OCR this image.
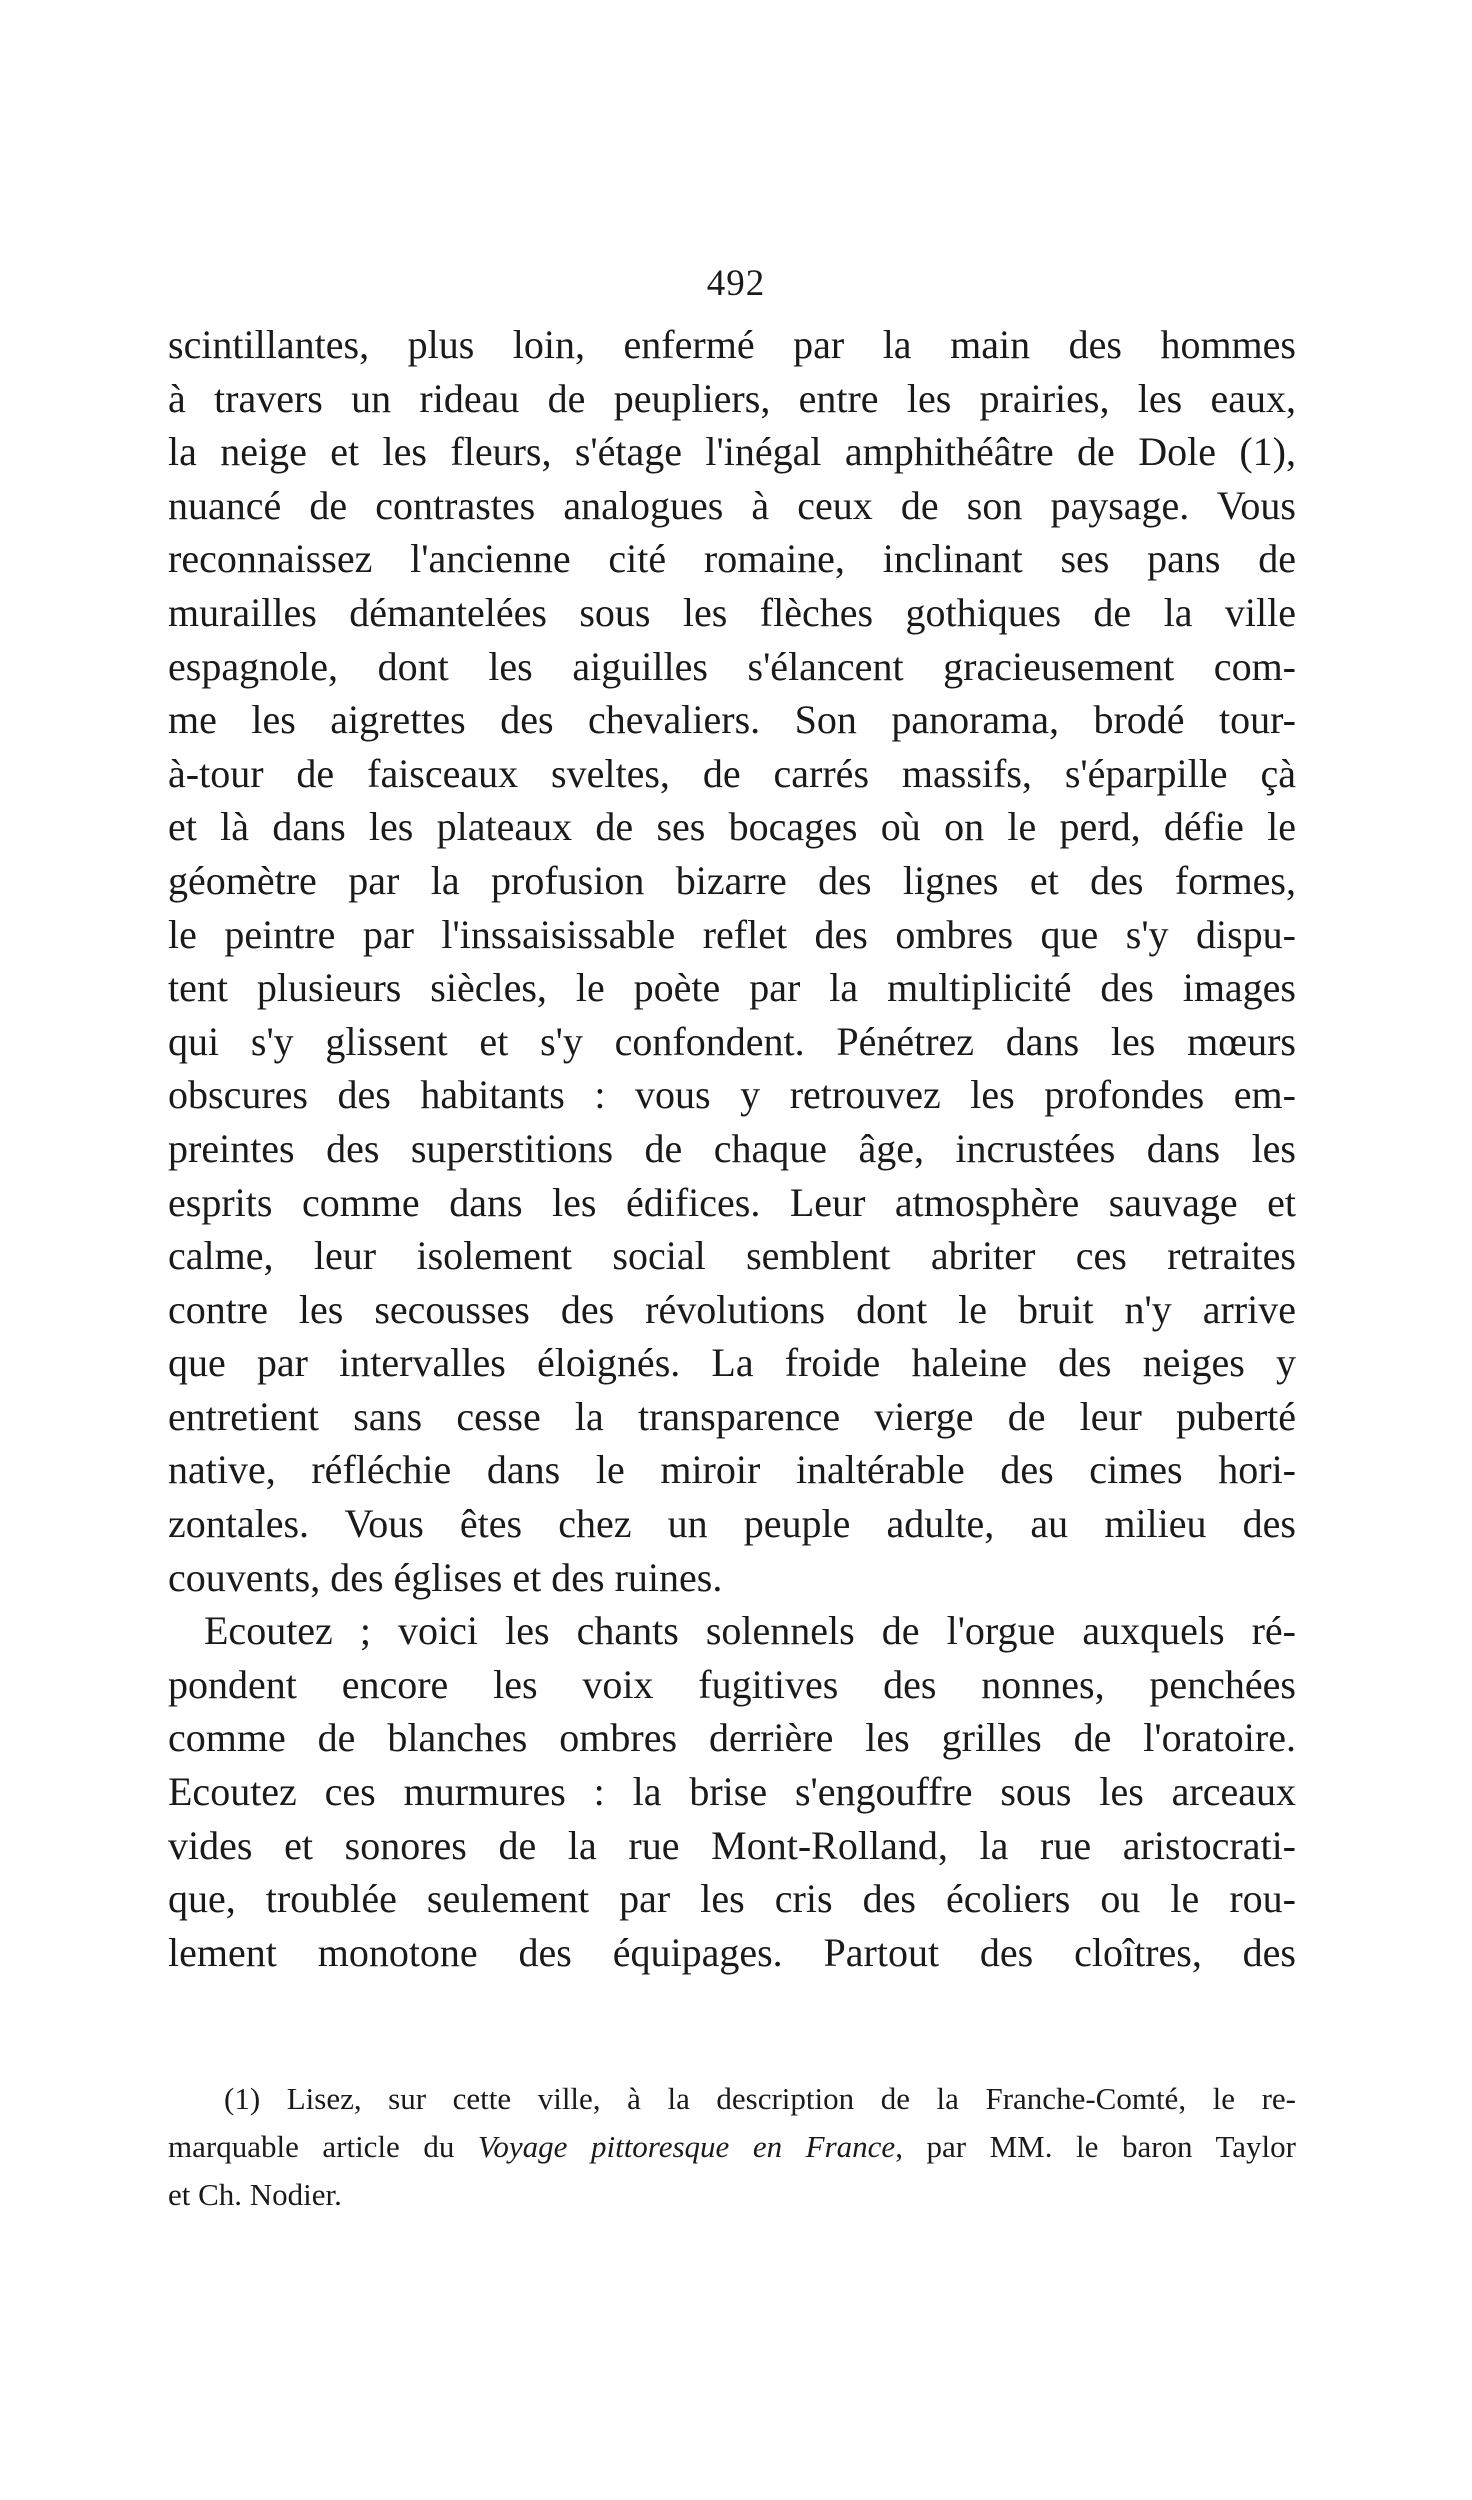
492
scintillantes, plus loin, enfermé par la main des hommes
à travers un rideau de peupliers, entre les prairies, les eaux,
la neige et les fleurs, s'étage l'inégal amphithéâtre de Dole (1),
nuancé de contrastes analogues à ceux de son paysage. Vous
reconnaissez l'ancienne cité romaine, inclinant ses pans de
murailles démantelées sous les flèches gothiques de la ville
espagnole, dont les aiguilles s'élancent gracieusement com-
me les aigrettes des chevaliers. Son panorama, brodé tour-
à-tour de faisceaux sveltes, de carrés massifs, s'éparpille çà
et là dans les plateaux de ses bocages où on le perd, défie le
géomètre par la profusion bizarre des lignes et des formes,
le peintre par l'inssaisissable reflet des ombres que s'y dispu-
tent plusieurs siècles, le poète par la multiplicité des images
qui s'y glissent et s'y confondent. Pénétrez dans les mœurs
obscures des habitants : vous y retrouvez les profondes em-
preintes des superstitions de chaque âge, incrustées dans les
esprits comme dans les édifices. Leur atmosphère sauvage et
calme, leur isolement social semblent abriter ces retraites
contre les secousses des révolutions dont le bruit n'y arrive
que par intervalles éloignés. La froide haleine des neiges y
entretient sans cesse la transparence vierge de leur puberté
native, réfléchie dans le miroir inaltérable des cimes hori-
zontales. Vous êtes chez un peuple adulte, au milieu des
couvents, des églises et des ruines.
Ecoutez ; voici les chants solennels de l'orgue auxquels ré-
pondent encore les voix fugitives des nonnes, penchées
comme de blanches ombres derrière les grilles de l'oratoire.
Ecoutez ces murmures : la brise s'engouffre sous les arceaux
vides et sonores de la rue Mont-Rolland, la rue aristocrati-
que, troublée seulement par les cris des écoliers ou le rou-
lement monotone des équipages. Partout des cloîtres, des
(1) Lisez, sur cette ville, à la description de la Franche-Comté, le re-
marquable article du Voyage pittoresque en France, par MM. le baron Taylor
et Ch. Nodier.
